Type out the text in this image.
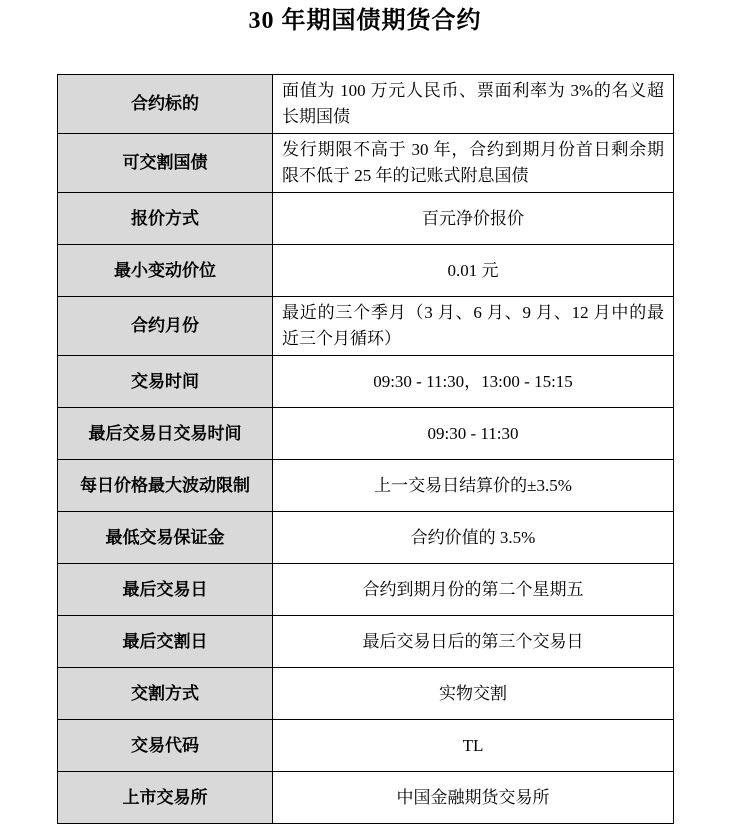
30 年期国债期货合约
合约标的	面值为 100 万元人民币、票面利率为 3%的名义超长期国债
可交割国债	发行期限不高于 30 年，合约到期月份首日剩余期限不低于 25 年的记账式附息国债
报价方式	百元净价报价
最小变动价位	0.01 元
合约月份	最近的三个季月（3 月、6 月、9 月、12 月中的最近三个月循环）
交易时间	09:30 - 11:30，13:00 - 15:15
最后交易日交易时间	09:30 - 11:30
每日价格最大波动限制	上一交易日结算价的±3.5%
最低交易保证金	合约价值的 3.5%
最后交易日	合约到期月份的第二个星期五
最后交割日	最后交易日后的第三个交易日
交割方式	实物交割
交易代码	TL
上市交易所	中国金融期货交易所
